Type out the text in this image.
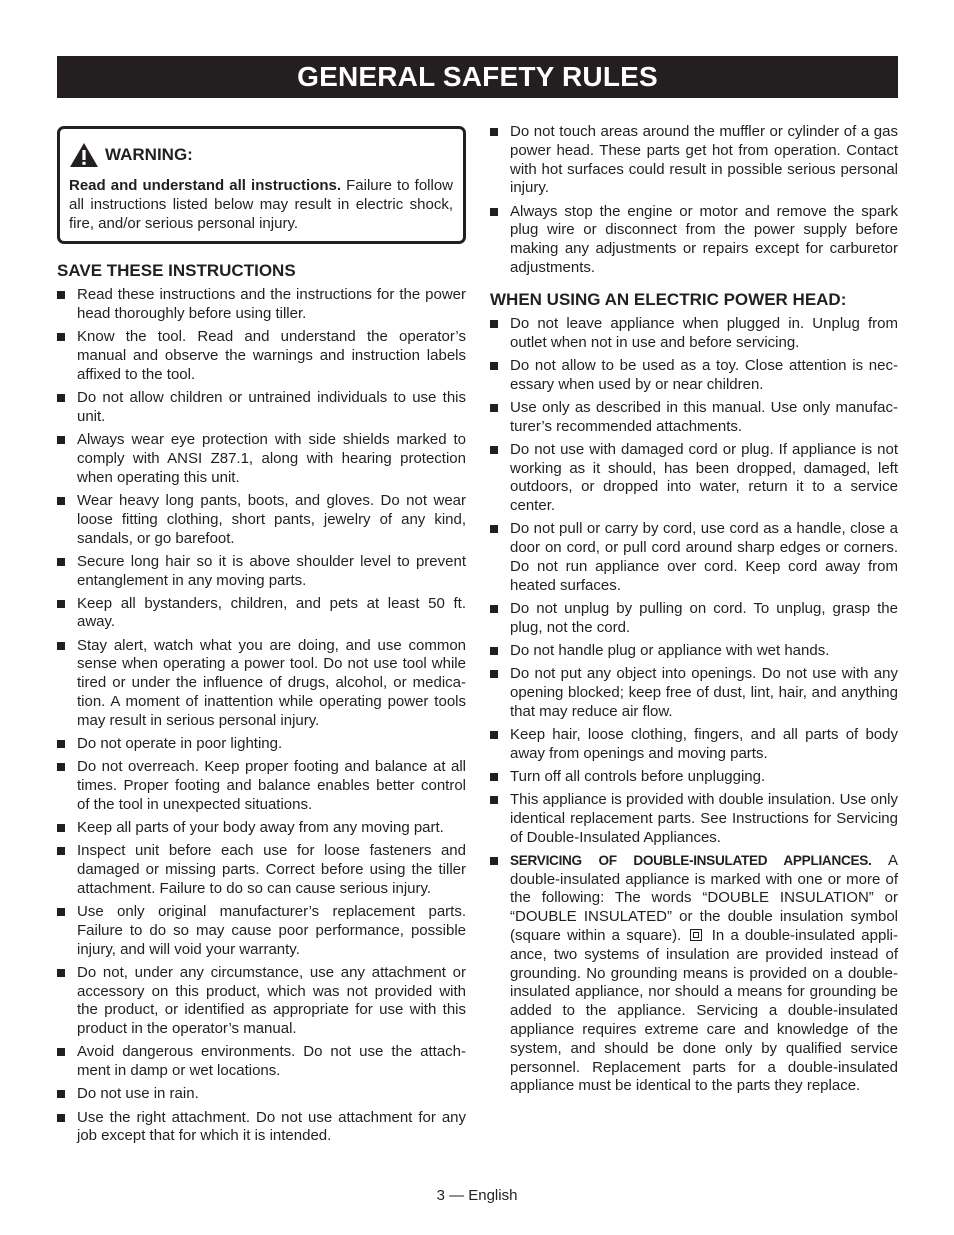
GENERAL SAFETY RULES
WARNING:
Read and understand all instructions. Failure to follow all instructions listed below may result in electric shock, fire, and/or serious personal injury.
SAVE THESE INSTRUCTIONS
Read these instructions and the instructions for the power head thoroughly before using tiller.
Know the tool. Read and understand the operator’s manual and observe the warnings and instruction labels affixed to the tool.
Do not allow children or untrained individuals to use this unit.
Always wear eye protection with side shields marked to comply with ANSI Z87.1, along with hearing protection when operating this unit.
Wear heavy long pants, boots, and gloves. Do not wear loose fitting clothing, short pants, jewelry of any kind, sandals, or go barefoot.
Secure long hair so it is above shoulder level to prevent entanglement in any moving parts.
Keep all bystanders, children, and pets at least 50 ft. away.
Stay alert, watch what you are doing, and use common sense when operating a power tool. Do not use tool while tired or under the influence of drugs, alcohol, or medica-tion. A moment of inattention while operating power tools may result in serious personal injury.
Do not operate in poor lighting.
Do not overreach. Keep proper footing and balance at all times. Proper footing and balance enables better control of the tool in unexpected situations.
Keep all parts of your body away from any moving part.
Inspect unit before each use for loose fasteners and damaged or missing parts. Correct before using the tiller attachment. Failure to do so can cause serious injury.
Use only original manufacturer’s replacement parts. Failure to do so may cause poor performance, possible injury, and will void your warranty.
Do not, under any circumstance, use any attachment or accessory on this product, which was not provided with the product, or identified as appropriate for use with this product in the operator’s manual.
Avoid dangerous environments. Do not use the attach-ment in damp or wet locations.
Do not use in rain.
Use the right attachment. Do not use attachment for any job except that for which it is intended.
Do not touch areas around the muffler or cylinder of a gas power head. These parts get hot from operation. Contact with hot surfaces could result in possible serious personal injury.
Always stop the engine or motor and remove the spark plug wire or disconnect from the power supply before making any adjustments or repairs except for carburetor adjustments.
WHEN USING AN ELECTRIC POWER HEAD:
Do not leave appliance when plugged in. Unplug from outlet when not in use and before servicing.
Do not allow to be used as a toy. Close attention is nec-essary when used by or near children.
Use only as described in this manual. Use only manufac-turer’s recommended attachments.
Do not use with damaged cord or plug. If appliance is not working as it should, has been dropped, damaged, left outdoors, or dropped into water, return it to a service center.
Do not pull or carry by cord, use cord as a handle, close a door on cord, or pull cord around sharp edges or corners. Do not run appliance over cord. Keep cord away from heated surfaces.
Do not unplug by pulling on cord. To unplug, grasp the plug, not the cord.
Do not handle plug or appliance with wet hands.
Do not put any object into openings. Do not use with any opening blocked; keep free of dust, lint, hair, and anything that may reduce air flow.
Keep hair, loose clothing, fingers, and all parts of body away from openings and moving parts.
Turn off all controls before unplugging.
This appliance is provided with double insulation. Use only identical replacement parts. See Instructions for Servicing of Double-Insulated Appliances.
SERVICING OF DOUBLE-INSULATED APPLIANCES. A double-insulated appliance is marked with one or more of the following: The words “DOUBLE INSULATION” or “DOUBLE INSULATED” or the double insulation symbol (square within a square).  In a double-insulated appli-ance, two systems of insulation are provided instead of grounding. No grounding means is provided on a double-insulated appliance, nor should a means for grounding be added to the appliance. Servicing a double-insulated appliance requires extreme care and knowledge of the system, and should be done only by qualified service personnel. Replacement parts for a double-insulated appliance must be identical to the parts they replace.
3 — English
